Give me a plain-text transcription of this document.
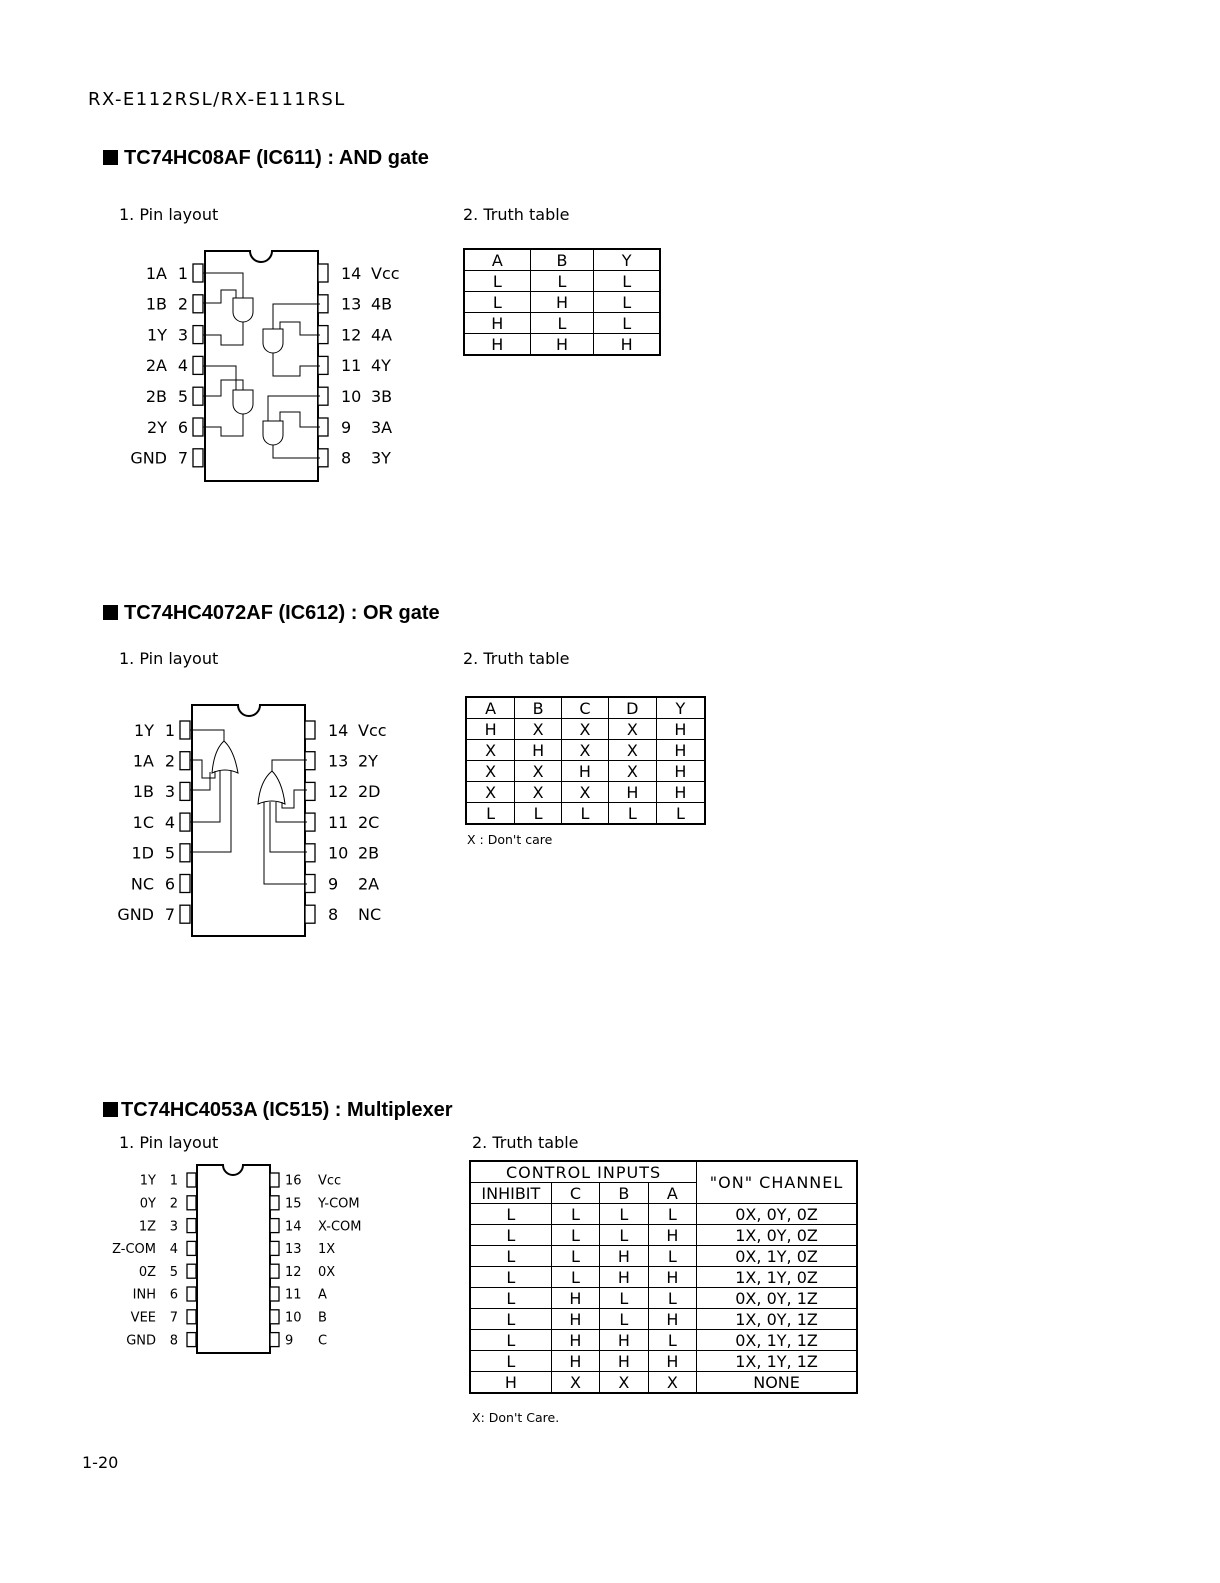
RX-E112RSL/RX-E111RSL
TC74HC08AF (IC611) : AND gate
1. Pin layout	2. Truth table
1
1A
2
1B
3
1Y
4
2A
5
2B
6
2Y
7
GND
14 Vcc
13 4B
12 4A
11 4Y
10 3B
9 3A
8 3Y
A	B	Y
L	L	L
L	H	L
H	L	L
H	H	H
TC74HC4072AF (IC612) : OR gate
1. Pin layout	2. Truth table
1
1Y
2
1A
3
1B
4
1C
5
1D
6
NC
7
GND
14 Vcc
13 2Y
12 2D
11 2C
10 2B
9 2A
8 NC
A	B	C	D	Y
H	X	X	X	H
X	H	X	X	H
X	X	H	X	H
X	X	X	H	H
L	L	L	L	L
X : Don't care
TC74HC4053A (IC515) : Multiplexer
1. Pin layout	2. Truth table
1
1Y
2
0Y
3
1Z
4
Z-COM
5
0Z
6
INH
7
VEE
8
GND
16 Vcc
15 Y-COM
14 X-COM
13 1X
12 0X
11 A
10 B
9 C
CONTROL INPUTS				"ON" CHANNEL
INHIBIT	C	B	A	
L	L	L	L	0X, 0Y, 0Z
L	L	L	H	1X, 0Y, 0Z
L	L	H	L	0X, 1Y, 0Z
L	L	H	H	1X, 1Y, 0Z
L	H	L	L	0X, 0Y, 1Z
L	H	L	H	1X, 0Y, 1Z
L	H	H	L	0X, 1Y, 1Z
L	H	H	H	1X, 1Y, 1Z
H	X	X	X	NONE
X: Don't Care.
1-20
